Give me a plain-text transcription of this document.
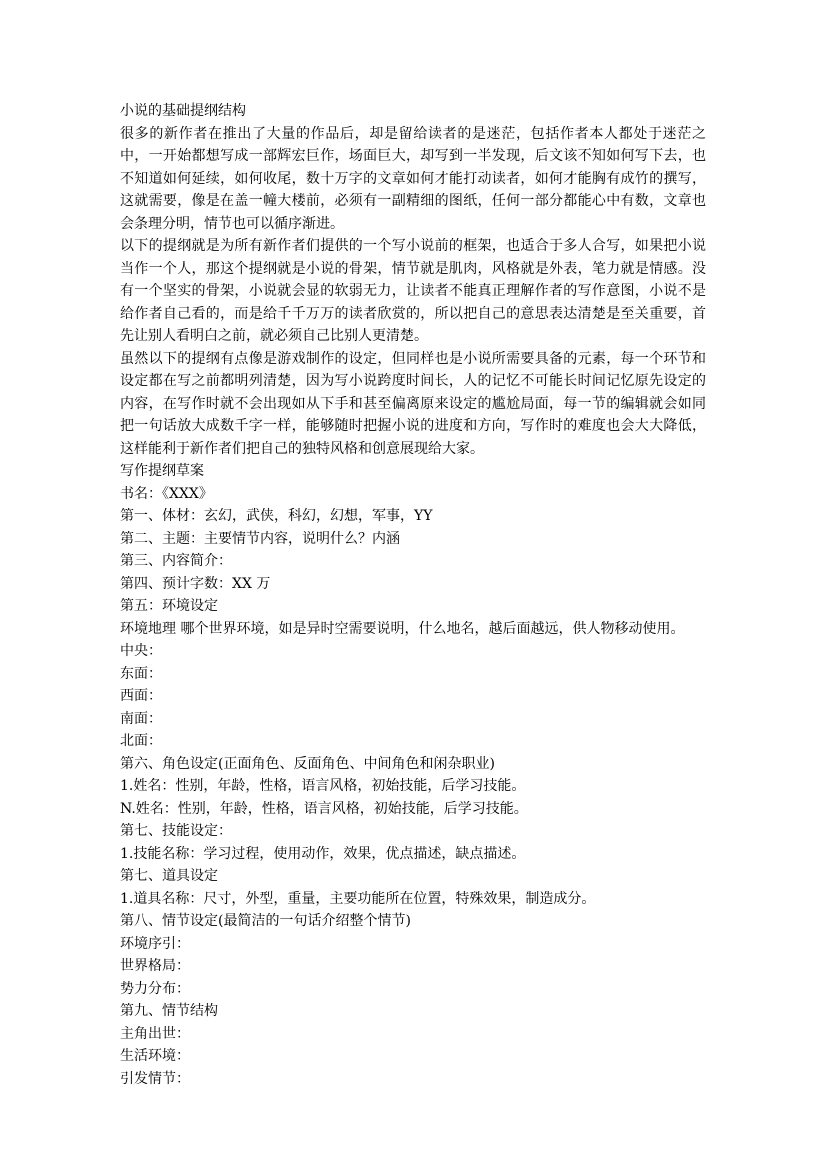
小说的基础提纲结构
很多的新作者在推出了大量的作品后，却是留给读者的是迷茫，包括作者本人都处于迷茫之中，一开始都想写成一部辉宏巨作，场面巨大，却写到一半发现，后文该不知如何写下去，也不知道如何延续，如何收尾，数十万字的文章如何才能打动读者，如何才能胸有成竹的撰写，这就需要，像是在盖一幢大楼前，必须有一副精细的图纸，任何一部分都能心中有数，文章也会条理分明，情节也可以循序渐进。
以下的提纲就是为所有新作者们提供的一个写小说前的框架，也适合于多人合写，如果把小说当作一个人，那这个提纲就是小说的骨架，情节就是肌肉，风格就是外表，笔力就是情感。没有一个坚实的骨架，小说就会显的软弱无力，让读者不能真正理解作者的写作意图，小说不是给作者自己看的，而是给千千万万的读者欣赏的，所以把自己的意思表达清楚是至关重要，首先让别人看明白之前，就必须自己比别人更清楚。
虽然以下的提纲有点像是游戏制作的设定，但同样也是小说所需要具备的元素，每一个环节和设定都在写之前都明列清楚，因为写小说跨度时间长，人的记忆不可能长时间记忆原先设定的内容，在写作时就不会出现如从下手和甚至偏离原来设定的尴尬局面，每一节的编辑就会如同把一句话放大成数千字一样，能够随时把握小说的进度和方向，写作时的难度也会大大降低，这样能利于新作者们把自己的独特风格和创意展现给大家。
写作提纲草案
书名：《XXX》
第一、体材：玄幻，武侠，科幻，幻想，军事，YY
第二、主题：主要情节内容，说明什么？内涵
第三、内容简介：
第四、预计字数：XX 万
第五：环境设定
环境地理 哪个世界环境，如是异时空需要说明，什么地名，越后面越远，供人物移动使用。
中央：
东面：
西面：
南面：
北面：
第六、角色设定(正面角色、反面角色、中间角色和闲杂职业)
1.姓名：性别，年龄，性格，语言风格，初始技能，后学习技能。
N.姓名：性别，年龄，性格，语言风格，初始技能，后学习技能。
第七、技能设定：
1.技能名称：学习过程，使用动作，效果，优点描述，缺点描述。
第七、道具设定
1.道具名称：尺寸，外型，重量，主要功能所在位置，特殊效果，制造成分。
第八、情节设定(最简洁的一句话介绍整个情节)
环境序引：
世界格局：
势力分布：
第九、情节结构
主角出世：
生活环境：
引发情节：
